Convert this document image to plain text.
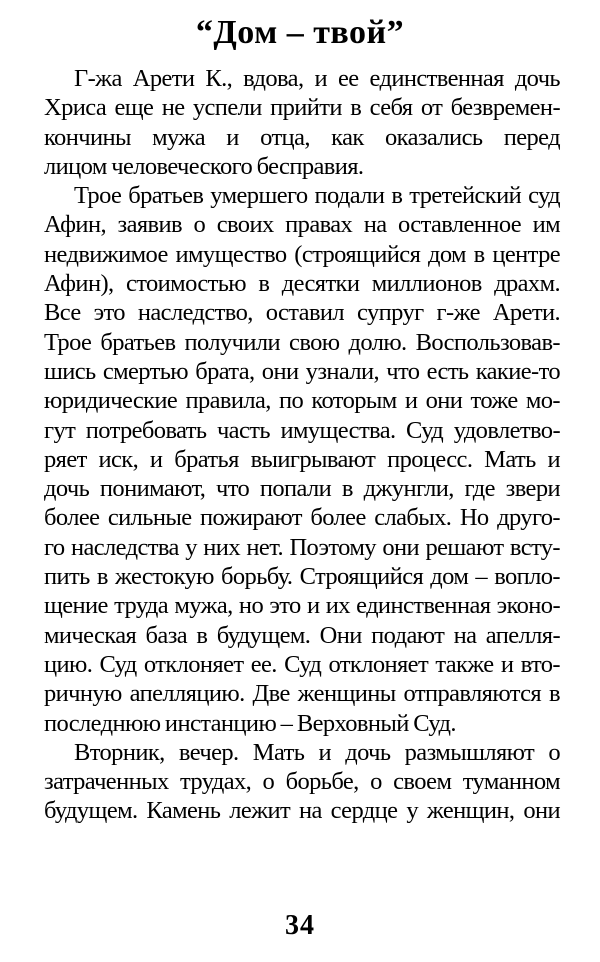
“Дом – твой”
Г-жа Арети К., вдова, и ее единственная дочь
Хриса еще не успели прийти в себя от безвремен-
кончины мужа и отца, как оказались перед
лицом человеческого бесправия.
Трое братьев умершего подали в третейский суд
Афин, заявив о своих правах на оставленное им
недвижимое имущество (строящийся дом в центре
Афин), стоимостью в десятки миллионов драхм.
Все это наследство, оставил супруг г-же Арети.
Трое братьев получили свою долю. Воспользовав-
шись смертью брата, они узнали, что есть какие-то
юридические правила, по которым и они тоже мо-
гут потребовать часть имущества. Суд удовлетво-
ряет иск, и братья выигрывают процесс. Мать и
дочь понимают, что попали в джунгли, где звери
более сильные пожирают более слабых. Но друго-
го наследства у них нет. Поэтому они решают всту-
пить в жестокую борьбу. Строящийся дом – вопло-
щение труда мужа, но это и их единственная эконо-
мическая база в будущем. Они подают на апелля-
цию. Суд отклоняет ее. Суд отклоняет также и вто-
ричную апелляцию. Две женщины отправляются в
последнюю инстанцию – Верховный Суд.
Вторник, вечер. Мать и дочь размышляют о
затраченных трудах, о борьбе, о своем туманном
будущем. Камень лежит на сердце у женщин, они
34
